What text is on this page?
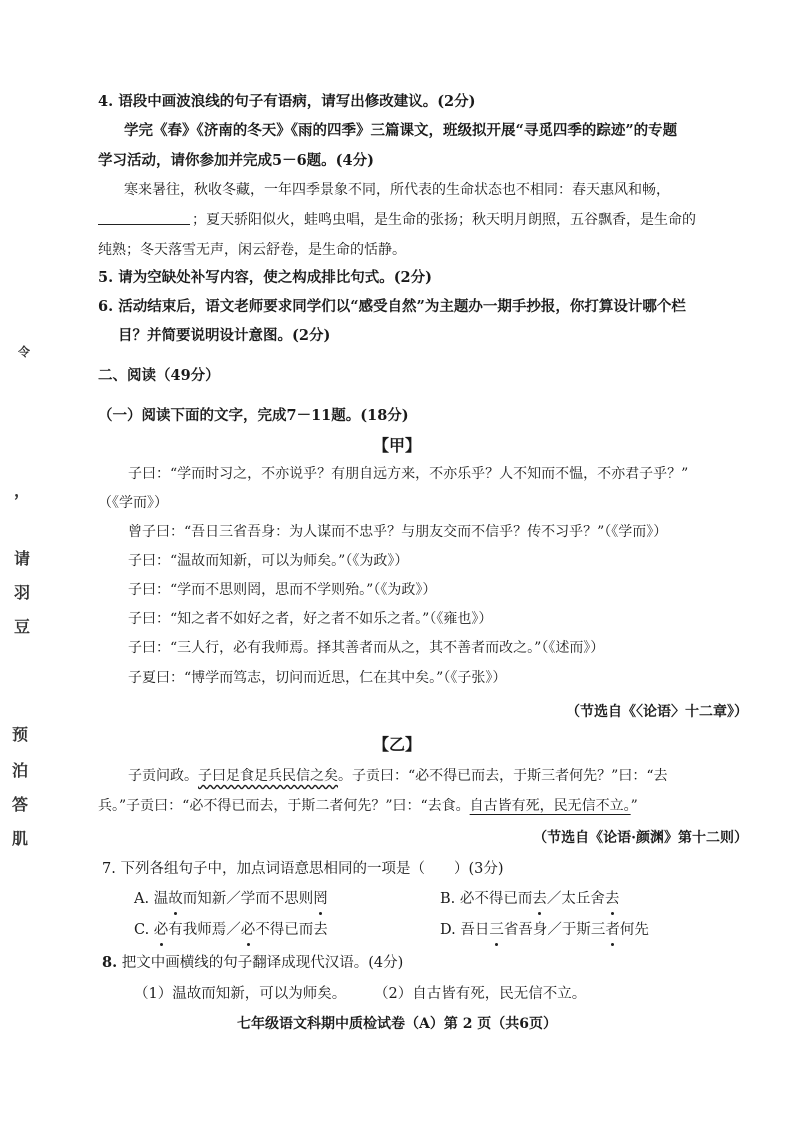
4. 语段中画波浪线的句子有语病，请写出修改建议。(2分)
学完《春》《济南的冬天》《雨的四季》三篇课文，班级拟开展“寻觅四季的踪迹”的专题
学习活动，请你参加并完成5－6题。(4分)
寒来暑往，秋收冬藏，一年四季景象不同，所代表的生命状态也不相同：春天惠风和畅，
；夏天骄阳似火，蛙鸣虫唱，是生命的张扬；秋天明月朗照，五谷飘香，是生命的
纯熟；冬天落雪无声，闲云舒卷，是生命的恬静。
5. 请为空缺处补写内容，使之构成排比句式。(2分)
6. 活动结束后，语文老师要求同学们以“感受自然”为主题办一期手抄报，你打算设计哪个栏
目？并简要说明设计意图。(2分)
二、阅读（49分）
（一）阅读下面的文字，完成7－11题。(18分)
【甲】
子曰：“学而时习之，不亦说乎？有朋自远方来，不亦乐乎？人不知而不愠，不亦君子乎？”
（《学而》）
曾子曰：“吾日三省吾身：为人谋而不忠乎？与朋友交而不信乎？传不习乎？”（《学而》）
子曰：“温故而知新，可以为师矣。”（《为政》）
子曰：“学而不思则罔，思而不学则殆。”（《为政》）
子曰：“知之者不如好之者，好之者不如乐之者。”（《雍也》）
子曰：“三人行，必有我师焉。择其善者而从之，其不善者而改之。”（《述而》）
子夏曰：“博学而笃志，切问而近思，仁在其中矣。”（《子张》）
（节选自《〈论语〉十二章》）
【乙】
子贡问政。子曰足食足兵民信之矣。子贡曰：“必不得已而去，于斯三者何先？”曰：“去
兵。”子贡曰：“必不得已而去，于斯二者何先？”曰：“去食。自古皆有死，民无信不立。”
（节选自《论语·颜渊》第十二则）
7. 下列各组句子中，加点词语意思相同的一项是（　　）(3分)
A. 温故而知新／学而不思则罔	B. 必不得已而去／太丘舍去
C. 必有我师焉／必不得已而去	D. 吾日三省吾身／于斯三者何先
8. 把文中画横线的句子翻译成现代汉语。(4分)
（1）温故而知新，可以为师矣。 （2）自古皆有死，民无信不立。
七年级语文科期中质检试卷（A）第 2 页（共6页）
令
，
请
羽
豆
预
泊
答
肌
